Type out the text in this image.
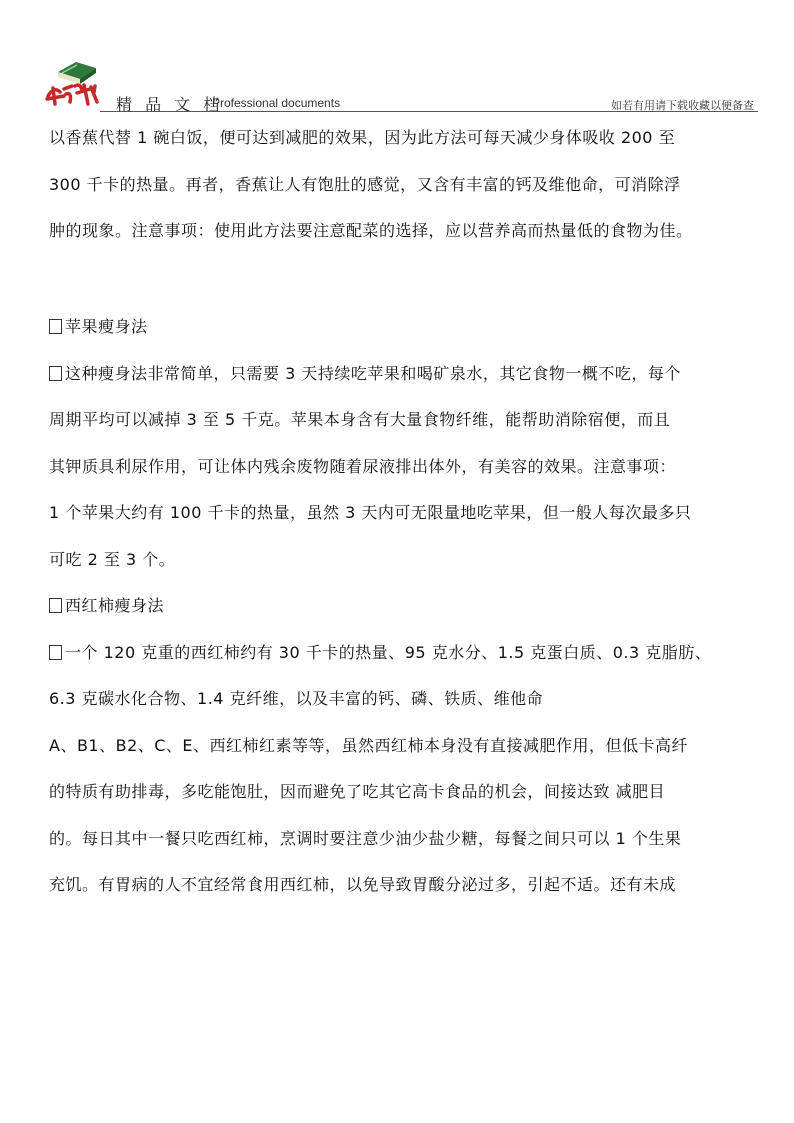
精 品 文 档
Professional documents	如若有用请下载收藏以便备查
以香蕉代替 1 碗白饭，便可达到减肥的效果，因为此方法可每天减少身体吸收 200 至
300 千卡的热量。再者，香蕉让人有饱肚的感觉，又含有丰富的钙及维他命，可消除浮
肿的现象。注意事项：使用此方法要注意配菜的选择，应以营养高而热量低的食物为佳。
苹果瘦身法
这种瘦身法非常简单，只需要 3 天持续吃苹果和喝矿泉水，其它食物一概不吃，每个
周期平均可以减掉 3 至 5 千克。苹果本身含有大量食物纤维，能帮助消除宿便，而且
其钾质具利尿作用，可让体内残余废物随着尿液排出体外，有美容的效果。注意事项：
1 个苹果大约有 100 千卡的热量，虽然 3 天内可无限量地吃苹果，但一般人每次最多只
可吃 2 至 3 个。
西红柿瘦身法
一个 120 克重的西红柿约有 30 千卡的热量、95 克水分、1.5 克蛋白质、0.3 克脂肪、
6.3 克碳水化合物、1.4 克纤维，以及丰富的钙、磷、铁质、维他命
A、B1、B2、C、E、西红柿红素等等，虽然西红柿本身没有直接减肥作用，但低卡高纤
的特质有助排毒，多吃能饱肚，因而避免了吃其它高卡食品的机会，间接达致 减肥目
的。每日其中一餐只吃西红柿，烹调时要注意少油少盐少糖，每餐之间只可以 1 个生果
充饥。有胃病的人不宜经常食用西红柿，以免导致胃酸分泌过多，引起不适。还有未成
